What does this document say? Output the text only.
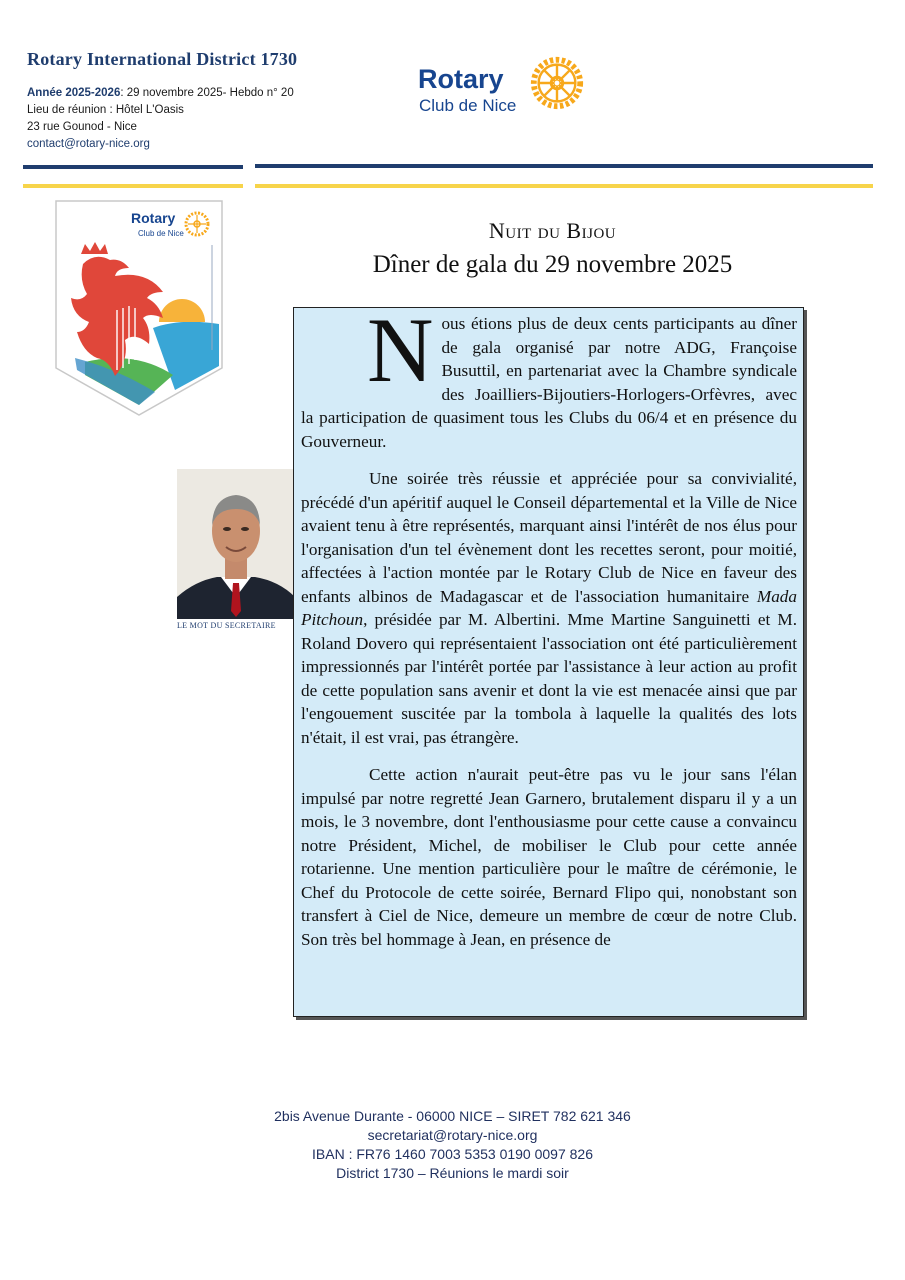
Rotary International District 1730
Année 2025-2026: 29 novembre 2025- Hebdo n° 20
Lieu de réunion : Hôtel L'Oasis
23 rue Gounod - Nice
contact@rotary-nice.org
Rotary
Club de Nice
Rotary
Club de Nice
LE MOT DU SECRETAIRE
Nuit du Bijou
Dîner de gala du 29 novembre 2025

Nous étions plus de deux cents participants au dîner de gala organisé par notre ADG, Françoise Busuttil, en partenariat avec la Chambre syndicale des Joailliers-Bijoutiers-Horlogers-Orfèvres, avec la participation de quasiment tous les Clubs du 06/4 et en présence du Gouverneur.

Une soirée très réussie et appréciée pour sa convivialité, précédé d'un apéritif auquel le Conseil départemental et la Ville de Nice avaient tenu à être représentés, marquant ainsi l'intérêt de nos élus pour l'organisation d'un tel évènement dont les recettes seront, pour moitié, affectées à l'action montée par le Rotary Club de Nice en faveur des enfants albinos de Madagascar et de l'association humanitaire Mada Pitchoun, présidée par M. Albertini. Mme Martine Sanguinetti et M. Roland Dovero qui représentaient l'association ont été particulièrement impressionnés par l'intérêt portée par l'assistance à leur action au profit de cette population sans avenir et dont la vie est menacée ainsi que par l'engouement suscitée par la tombola à laquelle la qualités des lots n'était, il est vrai, pas étrangère.

Cette action n'aurait peut-être pas vu le jour sans l'élan impulsé par notre regretté Jean Garnero, brutalement disparu il y a un mois, le 3 novembre, dont l'enthousiasme pour cette cause a convaincu notre Président, Michel, de mobiliser le Club pour cette année rotarienne. Une mention particulière pour le maître de cérémonie, le Chef du Protocole de cette soirée, Bernard Flipo qui, nonobstant son transfert à Ciel de Nice, demeure un membre de cœur de notre Club. Son très bel hommage à Jean, en présence de

2bis Avenue Durante - 06000 NICE – SIRET 782 621 346
secretariat@rotary-nice.org
IBAN : FR76 1460 7003 5353 0190 0097 826
District 1730 – Réunions le mardi soir
